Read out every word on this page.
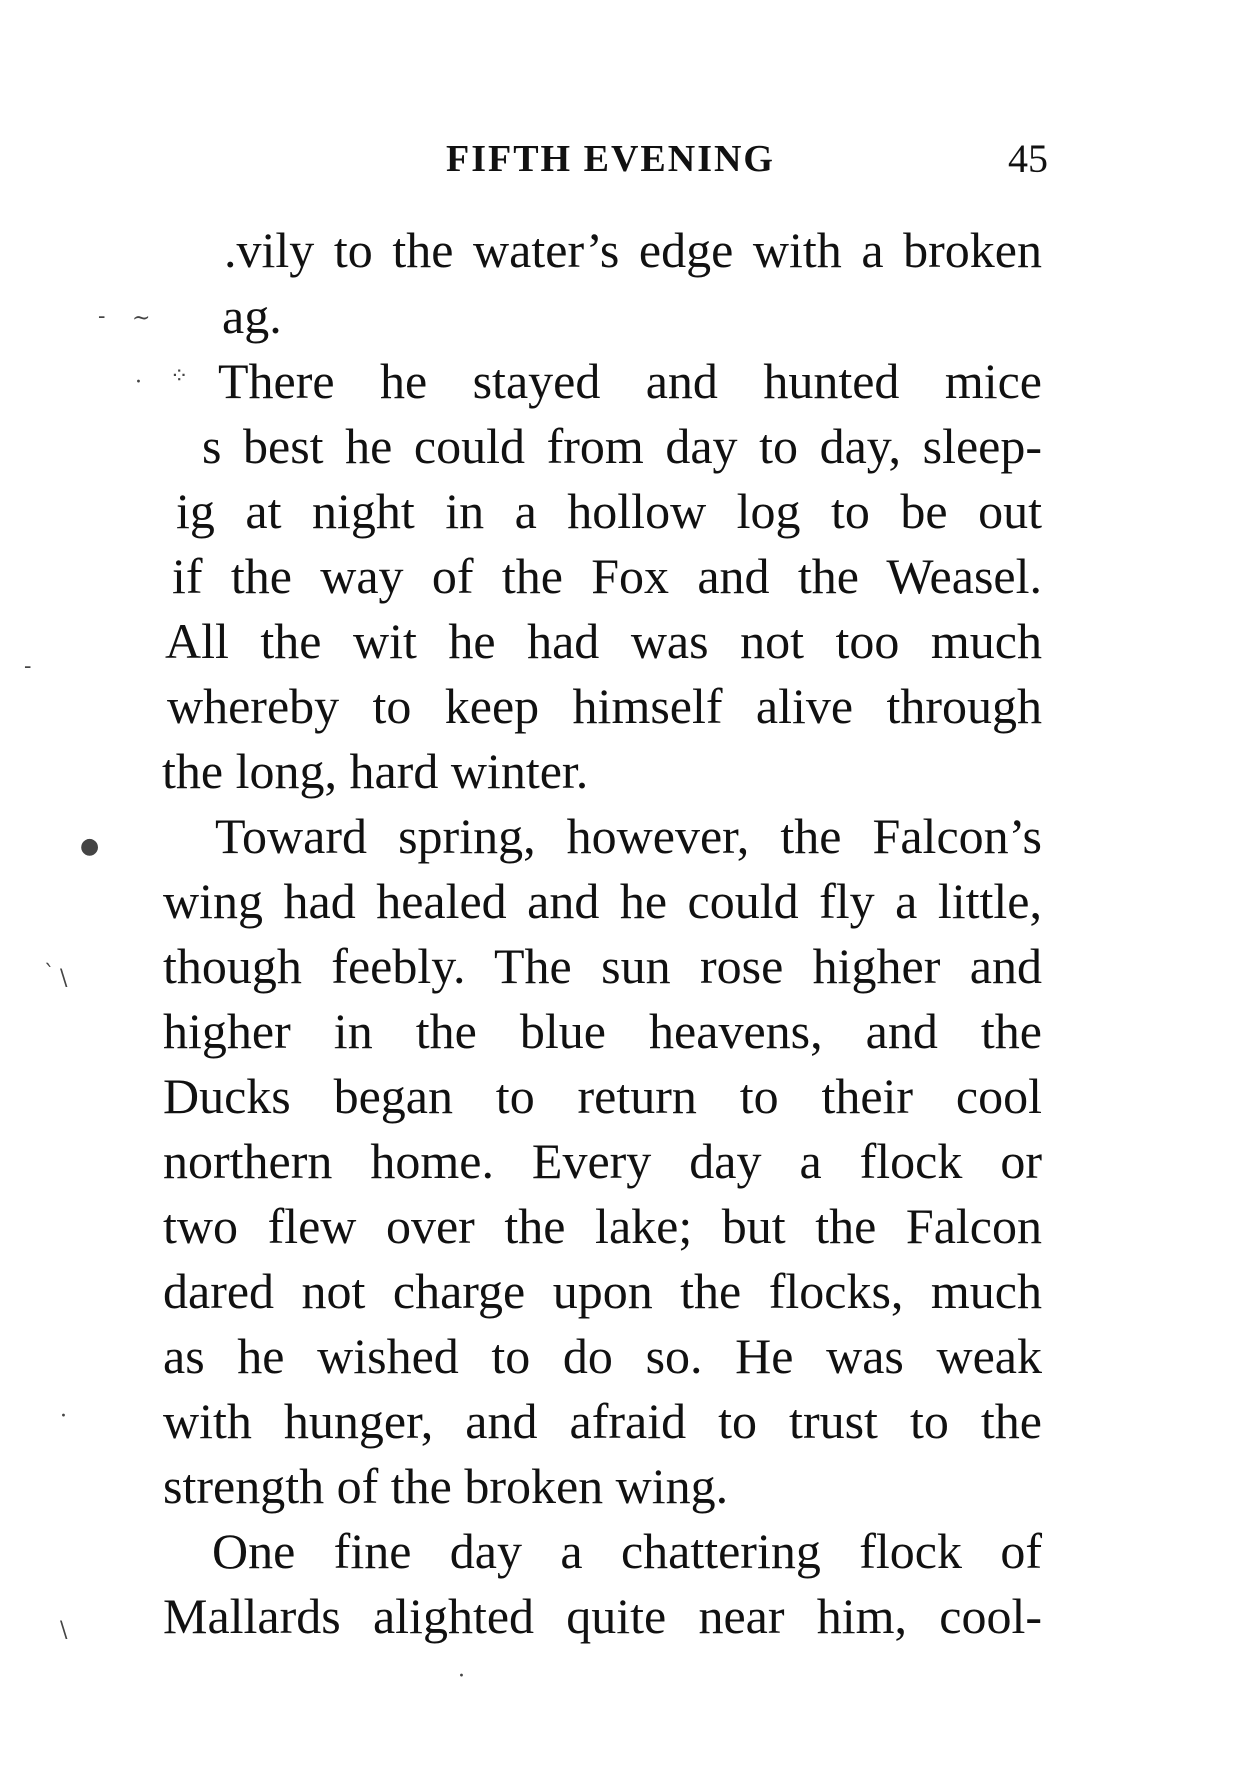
FIFTH EVENING	45
.vily to the water’s edge with a broken
ag.
There he stayed and hunted mice
s best he could from day to day, sleep-
ig at night in a hollow log to be out
if the way of the Fox and the Weasel.
All the wit he had was not too much
whereby to keep himself alive through
the long, hard winter.
Toward spring, however, the Falcon’s
wing had healed and he could fly a little,
though feebly. The sun rose higher and
higher in the blue heavens, and the
Ducks began to return to their cool
northern home. Every day a flock or
two flew over the lake; but the Falcon
dared not charge upon the flocks, much
as he wished to do so. He was weak
with hunger, and afraid to trust to the
strength of the broken wing.
One fine day a chattering flock of
Mallards alighted quite near him, cool-
‐ ~
· ⁘
‐
●
` \
·
\
·
